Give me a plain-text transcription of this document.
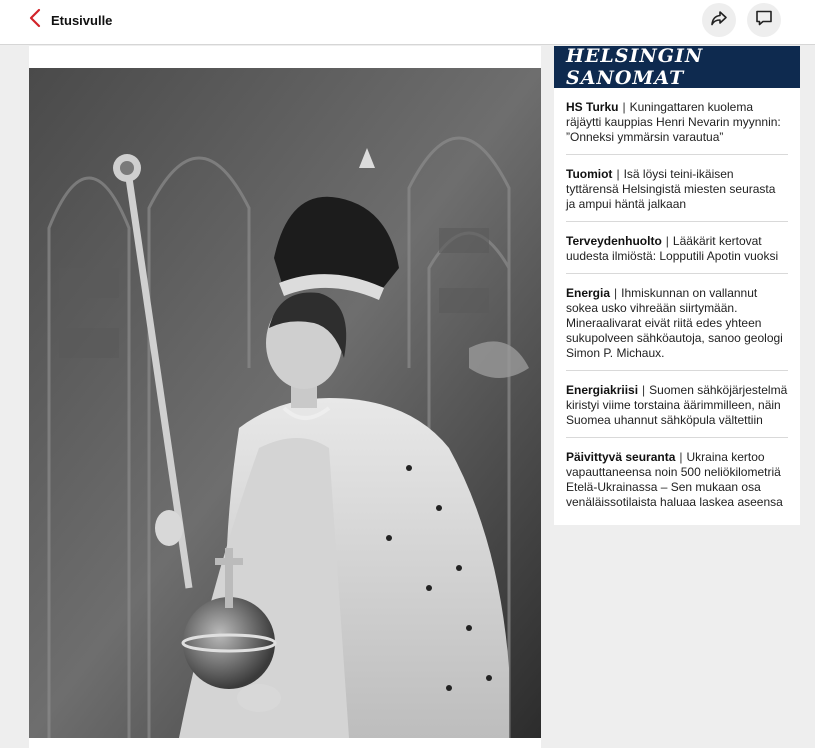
Etusivulle
HELSINGIN SANOMAT
HS Turku | Kuningattaren kuolema räjäytti kauppias Henri Nevarin myynnin: ”Onneksi ymmärsin varautua”
Tuomiot | Isä löysi teini-ikäisen tyttärensä Helsingistä miesten seurasta ja ampui häntä jalkaan
Terveydenhuolto | Lääkärit kertovat uudesta ilmiöstä: Lopputili Apotin vuoksi
Energia | Ihmiskunnan on vallannut sokea usko vihreään siirtymään. Mineraalivarat eivät riitä edes yhteen sukupolveen sähköautoja, sanoo geologi Simon P. Michaux.
Energiakriisi | Suomen sähköjärjestelmä kiristyi viime torstaina äärimmilleen, näin Suomea uhannut sähköpula vältettiin
Päivittyvä seuranta | Ukraina kertoo vapauttaneensa noin 500 neliökilometriä Etelä-Ukrainassa – Sen mukaan osa venäläissotilaista haluaa laskea aseensa
